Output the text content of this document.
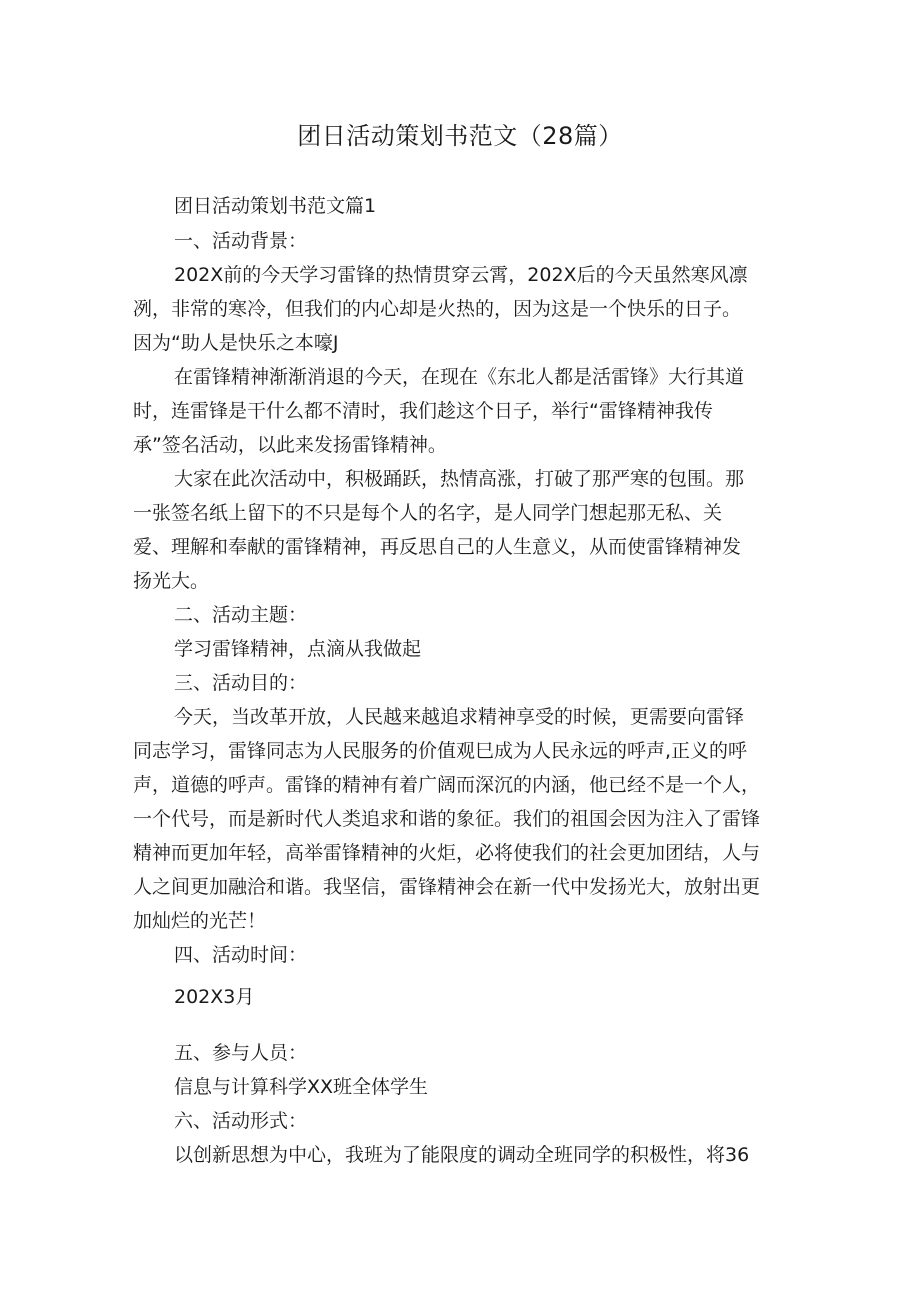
团日活动策划书范文（28篇）
团日活动策划书范文篇1
一、活动背景：
202X前的今天学习雷锋的热情贯穿云霄，202X后的今天虽然寒风凛
冽，非常的寒冷，但我们的内心却是火热的，因为这是一个快乐的日子。
因为“助人是快乐之本嚎J
在雷锋精神渐渐消退的今天，在现在《东北人都是活雷锋》大行其道
时，连雷锋是干什么都不清时，我们趁这个日子，举行“雷锋精神我传
承”签名活动，以此来发扬雷锋精神。
大家在此次活动中，积极踊跃，热情高涨，打破了那严寒的包围。那
一张签名纸上留下的不只是每个人的名字，是人同学门想起那无私、关
爱、理解和奉献的雷锋精神，再反思自己的人生意义，从而使雷锋精神发
扬光大。
二、活动主题：
学习雷锋精神，点滴从我做起
三、活动目的：
今天，当改革开放，人民越来越追求精神享受的时候，更需要向雷铎
同志学习，雷锋同志为人民服务的价值观巳成为人民永远的呼声,正义的呼
声，道德的呼声。雷锋的精神有着广阔而深沉的内涵，他已经不是一个人，
一个代号，而是新时代人类追求和谐的象征。我们的祖国会因为注入了雷锋
精神而更加年轻，高举雷锋精神的火炬，必将使我们的社会更加团结，人与
人之间更加融洽和谐。我坚信，雷锋精神会在新一代中发扬光大，放射出更
加灿烂的光芒！
四、活动时间：
202X3月
五、参与人员：
信息与计算科学XX班全体学生
六、活动形式：
以创新思想为中心，我班为了能限度的调动全班同学的积极性，将36
